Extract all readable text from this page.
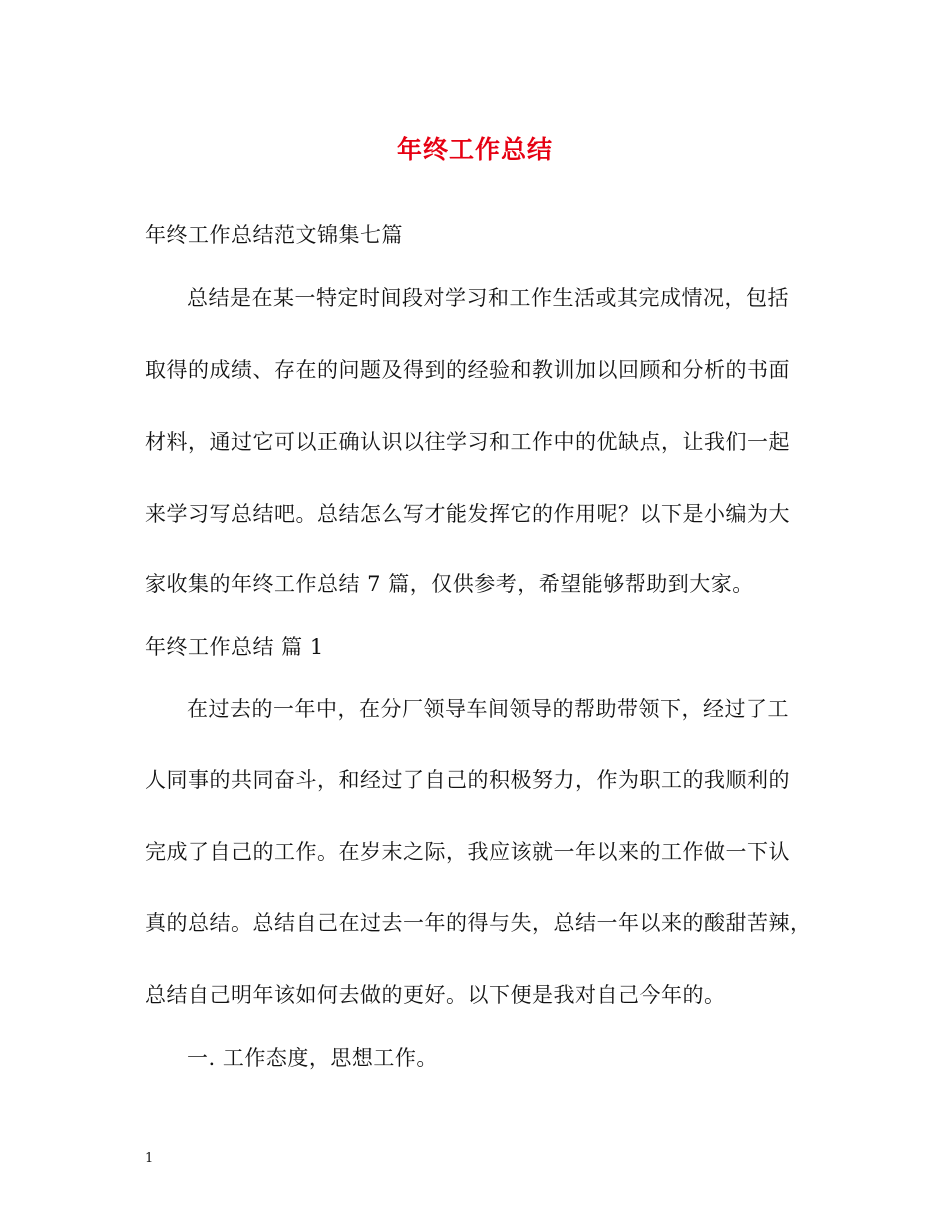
年终工作总结
年终工作总结范文锦集七篇
总结是在某一特定时间段对学习和工作生活或其完成情况，包括
取得的成绩、存在的问题及得到的经验和教训加以回顾和分析的书面
材料，通过它可以正确认识以往学习和工作中的优缺点，让我们一起
来学习写总结吧。总结怎么写才能发挥它的作用呢？以下是小编为大
家收集的年终工作总结 7 篇，仅供参考，希望能够帮助到大家。
年终工作总结 篇 1
在过去的一年中，在分厂领导车间领导的帮助带领下，经过了工
人同事的共同奋斗，和经过了自己的积极努力，作为职工的我顺利的
完成了自己的工作。在岁末之际，我应该就一年以来的工作做一下认
真的总结。总结自己在过去一年的得与失，总结一年以来的酸甜苦辣，
总结自己明年该如何去做的更好。以下便是我对自己今年的。
一. 工作态度，思想工作。
1
